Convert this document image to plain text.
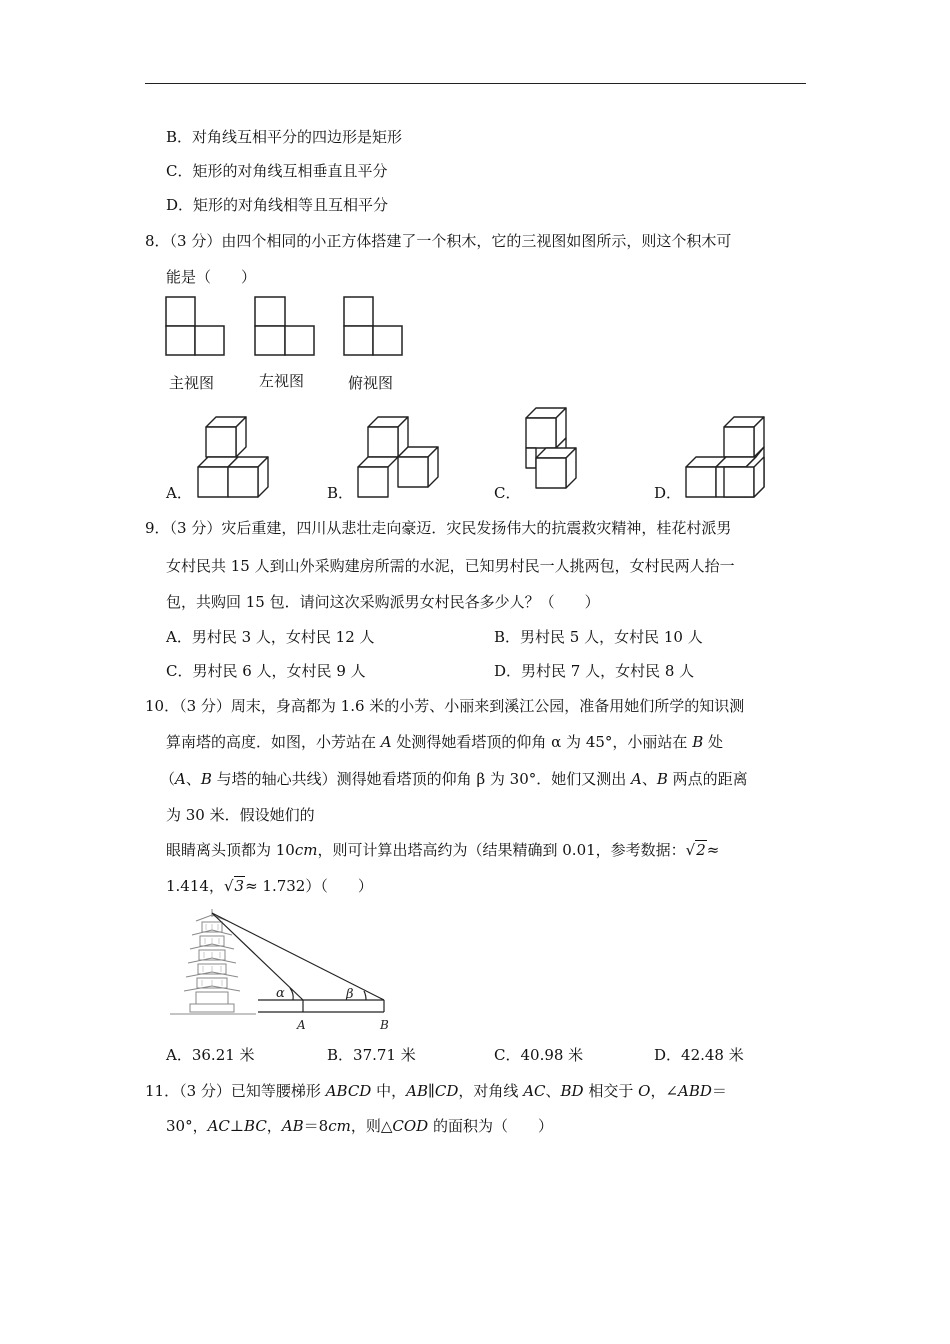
B．对角线互相平分的四边形是矩形
C．矩形的对角线互相垂直且平分
D．矩形的对角线相等且互相平分
8．（3 分）由四个相同的小正方体搭建了一个积木，它的三视图如图所示，则这个积木可
能是（　　）
主视图	左视图	俯视图
A．	B．	C．	D．
9．（3 分）灾后重建，四川从悲壮走向豪迈．灾民发扬伟大的抗震救灾精神，桂花村派男
女村民共 15 人到山外采购建房所需的水泥，已知男村民一人挑两包，女村民两人抬一
包，共购回 15 包．请问这次采购派男女村民各多少人？（　　）
A．男村民 3 人，女村民 12 人	B．男村民 5 人，女村民 10 人
C．男村民 6 人，女村民 9 人	D．男村民 7 人，女村民 8 人
10．（3 分）周末，身高都为 1.6 米的小芳、小丽来到溪江公园，准备用她们所学的知识测
算南塔的高度．如图，小芳站在 A 处测得她看塔顶的仰角 α 为 45°，小丽站在 B 处
（A、B 与塔的轴心共线）测得她看塔顶的仰角 β 为 30°．她们又测出 A、B 两点的距离
为 30 米．假设她们的
眼睛离头顶都为 10cm，则可计算出塔高约为（结果精确到 0.01，参考数据：√2≈
1.414，√3≈ 1.732）（　　）
α	β
A	B
A．36.21 米	B．37.71 米	C．40.98 米	D．42.48 米
11．（3 分）已知等腰梯形 ABCD 中，AB∥CD，对角线 AC、BD 相交于 O，∠ABD＝
30°，AC⊥BC，AB＝8cm，则△COD 的面积为（　　）
